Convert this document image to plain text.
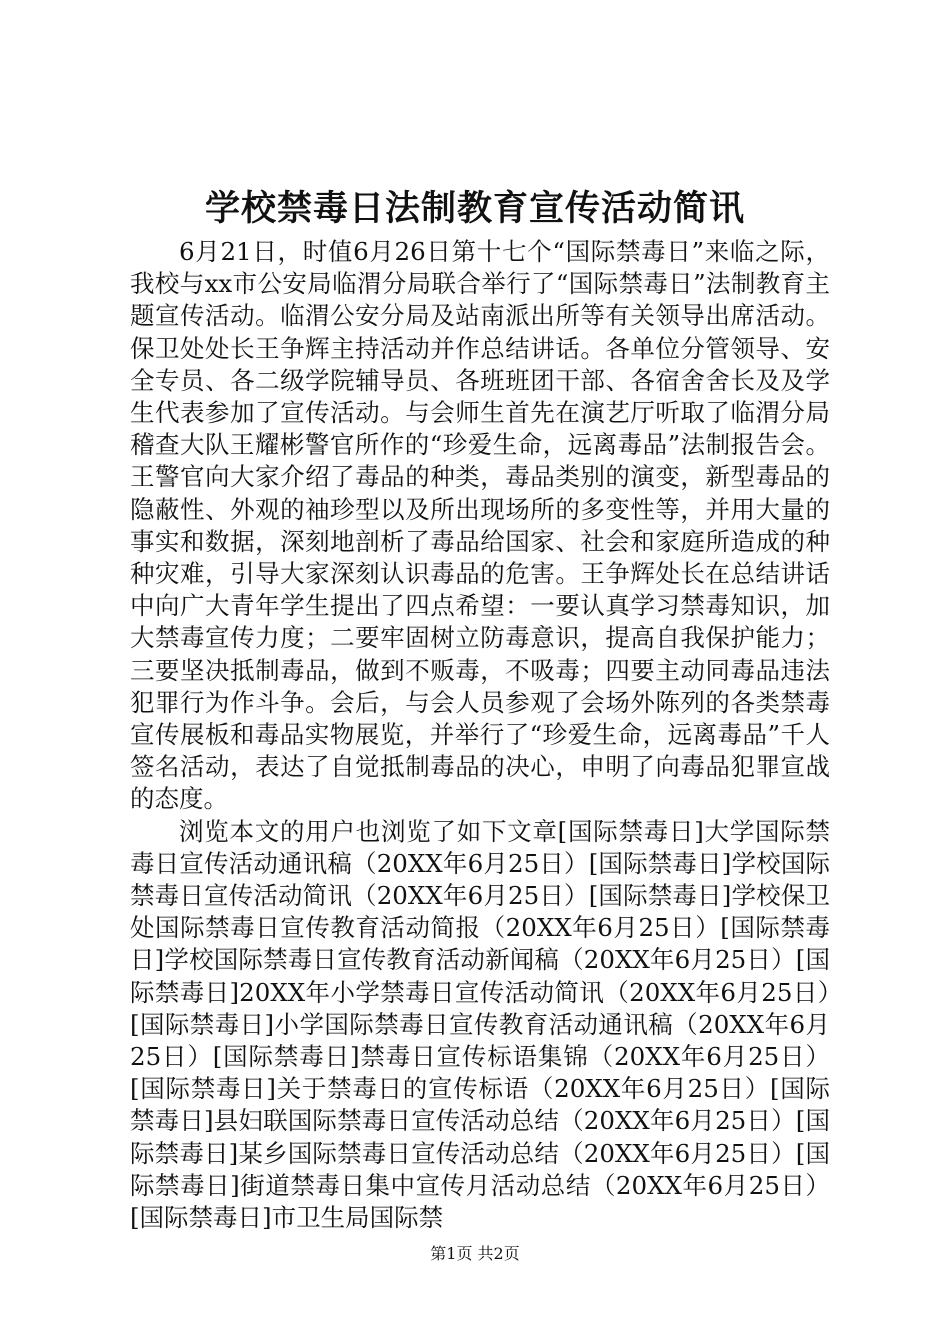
学校禁毒日法制教育宣传活动简讯

6月21日，时值6月26日第十七个“国际禁毒日”来临之际，我校与xx市公安局临渭分局联合举行了“国际禁毒日”法制教育主题宣传活动。临渭公安分局及站南派出所等有关领导出席活动。保卫处处长王争辉主持活动并作总结讲话。各单位分管领导、安全专员、各二级学院辅导员、各班班团干部、各宿舍舍长及及学生代表参加了宣传活动。与会师生首先在演艺厅听取了临渭分局稽查大队王耀彬警官所作的“珍爱生命，远离毒品”法制报告会。王警官向大家介绍了毒品的种类，毒品类别的演变，新型毒品的隐蔽性、外观的袖珍型以及所出现场所的多变性等，并用大量的事实和数据，深刻地剖析了毒品给国家、社会和家庭所造成的种种灾难，引导大家深刻认识毒品的危害。王争辉处长在总结讲话中向广大青年学生提出了四点希望：一要认真学习禁毒知识，加大禁毒宣传力度；二要牢固树立防毒意识，提高自我保护能力；三要坚决抵制毒品，做到不贩毒，不吸毒；四要主动同毒品违法犯罪行为作斗争。会后，与会人员参观了会场外陈列的各类禁毒宣传展板和毒品实物展览，并举行了“珍爱生命，远离毒品”千人签名活动，表达了自觉抵制毒品的决心，申明了向毒品犯罪宣战的态度。

浏览本文的用户也浏览了如下文章[国际禁毒日]大学国际禁毒日宣传活动通讯稿（20XX年6月25日）[国际禁毒日]学校国际禁毒日宣传活动简讯（20XX年6月25日）[国际禁毒日]学校保卫处国际禁毒日宣传教育活动简报（20XX年6月25日）[国际禁毒日]学校国际禁毒日宣传教育活动新闻稿（20XX年6月25日）[国际禁毒日]20XX年小学禁毒日宣传活动简讯（20XX年6月25日）[国际禁毒日]小学国际禁毒日宣传教育活动通讯稿（20XX年6月25日）[国际禁毒日]禁毒日宣传标语集锦（20XX年6月25日）[国际禁毒日]关于禁毒日的宣传标语（20XX年6月25日）[国际禁毒日]县妇联国际禁毒日宣传活动总结（20XX年6月25日）[国际禁毒日]某乡国际禁毒日宣传活动总结（20XX年6月25日）[国际禁毒日]街道禁毒日集中宣传月活动总结（20XX年6月25日）[国际禁毒日]市卫生局国际禁

第1页 共2页
